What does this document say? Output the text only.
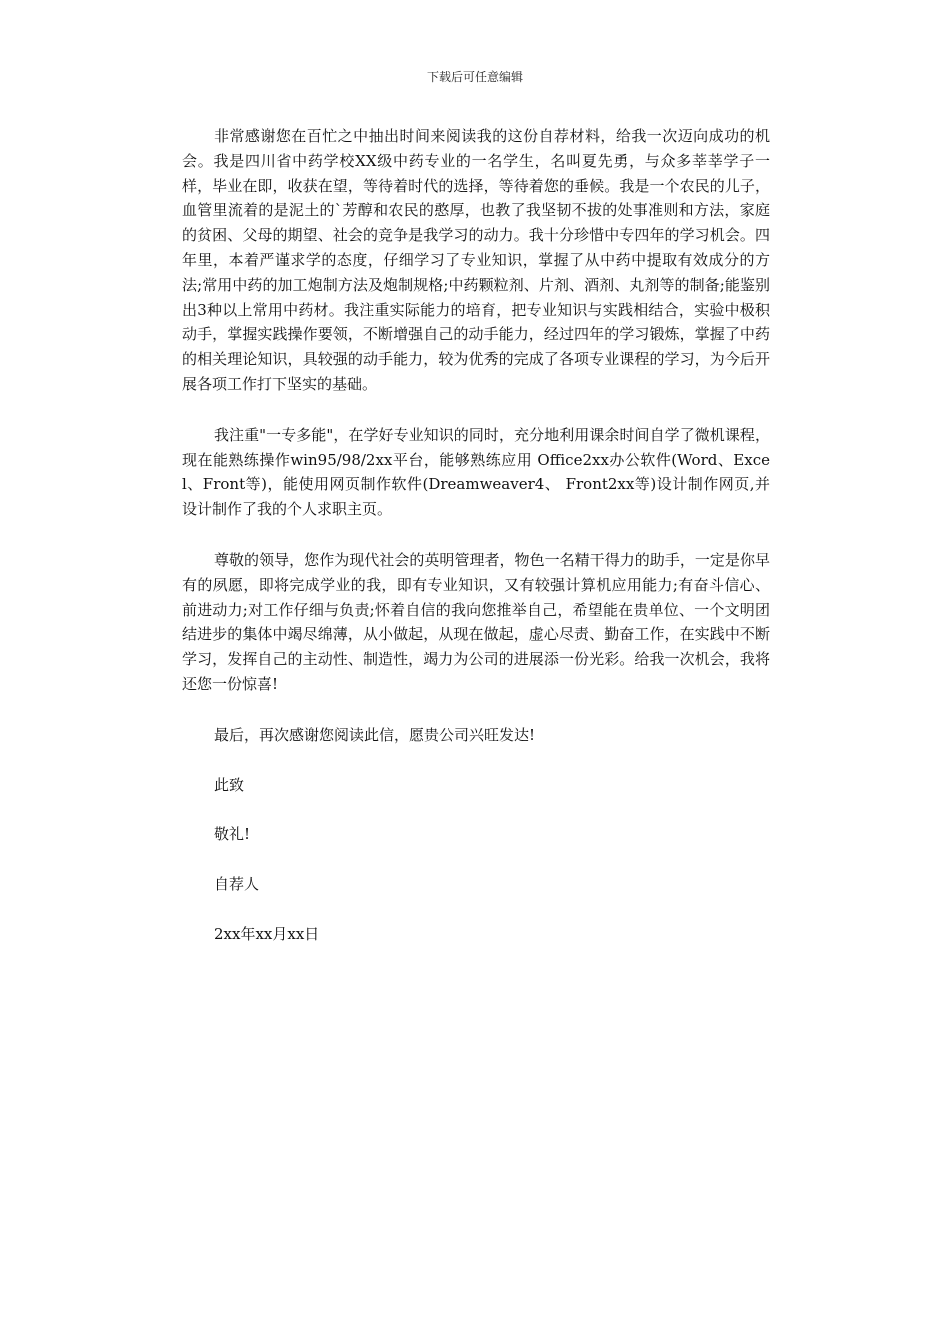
下载后可任意编辑

非常感谢您在百忙之中抽出时间来阅读我的这份自荐材料，给我一次迈向成功的机会。我是四川省中药学校XX级中药专业的一名学生，名叫夏先勇，与众多莘莘学子一样，毕业在即，收获在望，等待着时代的选择，等待着您的垂候。我是一个农民的儿子，血管里流着的是泥土的`芳醇和农民的憨厚，也教了我坚韧不拔的处事准则和方法，家庭的贫困、父母的期望、社会的竞争是我学习的动力。我十分珍惜中专四年的学习机会。四年里，本着严谨求学的态度，仔细学习了专业知识，掌握了从中药中提取有效成分的方法;常用中药的加工炮制方法及炮制规格;中药颗粒剂、片剂、酒剂、丸剂等的制备;能鉴别出3种以上常用中药材。我注重实际能力的培育，把专业知识与实践相结合，实验中极积动手，掌握实践操作要领，不断增强自己的动手能力，经过四年的学习锻炼，掌握了中药的相关理论知识，具较强的动手能力，较为优秀的完成了各项专业课程的学习，为今后开展各项工作打下坚实的基础。

我注重"一专多能"，在学好专业知识的同时，充分地利用课余时间自学了微机课程，现在能熟练操作win95/98/2xx平台，能够熟练应用 Office2xx办公软件(Word、Excel、Front等)，能使用网页制作软件(Dreamweaver4、 Front2xx等)设计制作网页,并设计制作了我的个人求职主页。

尊敬的领导，您作为现代社会的英明管理者，物色一名精干得力的助手，一定是你早有的夙愿，即将完成学业的我，即有专业知识，又有较强计算机应用能力;有奋斗信心、前进动力;对工作仔细与负责;怀着自信的我向您推举自己，希望能在贵单位、一个文明团结进步的集体中竭尽绵薄，从小做起，从现在做起，虚心尽责、勤奋工作，在实践中不断学习，发挥自己的主动性、制造性，竭力为公司的进展添一份光彩。给我一次机会，我将还您一份惊喜!

最后，再次感谢您阅读此信，愿贵公司兴旺发达!

此致

敬礼!

自荐人

2xx年xx月xx日
